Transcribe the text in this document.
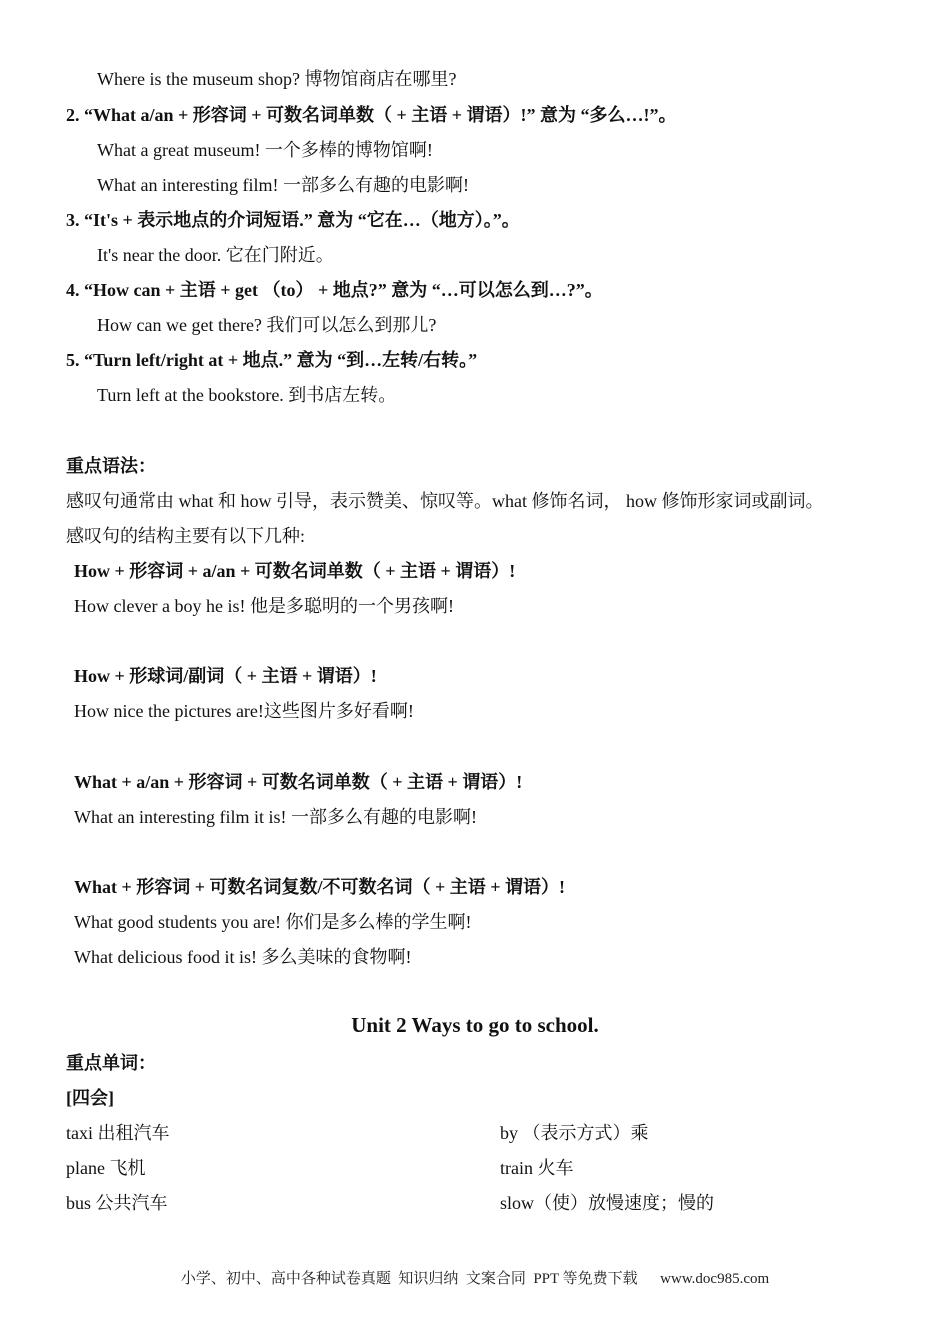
Where is the museum shop? 博物馆商店在哪里?
2. “What a/an + 形容词 + 可数名词单数（ + 主语 + 谓语）!” 意为 “多么…!”。
What a great museum! 一个多棒的博物馆啊!
What an interesting film! 一部多么有趣的电影啊!
3. “It's + 表示地点的介词短语.” 意为 “它在…（地方）。”。
It's near the door. 它在门附近。
4. “How can + 主语 + get （to） + 地点?” 意为 “…可以怎么到…?”。
How can we get there? 我们可以怎么到那儿?
5. “Turn left/right at + 地点.” 意为 “到…左转/右转。”
Turn left at the bookstore. 到书店左转。
重点语法：
感叹句通常由 what 和 how 引导，表示赞美、惊叹等。what 修饰名词， how 修饰形家词或副词。
感叹句的结构主要有以下几种:
How + 形容词 + a/an + 可数名词单数（ + 主语 + 谓语）!
How clever a boy he is! 他是多聪明的一个男孩啊!
How + 形球词/副词（ + 主语 + 谓语）!
How nice the pictures are!这些图片多好看啊!
What + a/an + 形容词 + 可数名词单数（ + 主语 + 谓语）!
What an interesting film it is! 一部多么有趣的电影啊!
What + 形容词 + 可数名词复数/不可数名词（ + 主语 + 谓语）!
What good students you are! 你们是多么棒的学生啊!
What delicious food it is! 多么美味的食物啊!
Unit 2 Ways to go to school.
重点单词：
[四会]
taxi 出租汽车	by （表示方式）乘
plane 飞机	train 火车
bus 公共汽车	slow（使）放慢速度；慢的
小学、初中、高中各种试卷真题  知识归纳  文案合同  PPT 等免费下载      www.doc985.com
